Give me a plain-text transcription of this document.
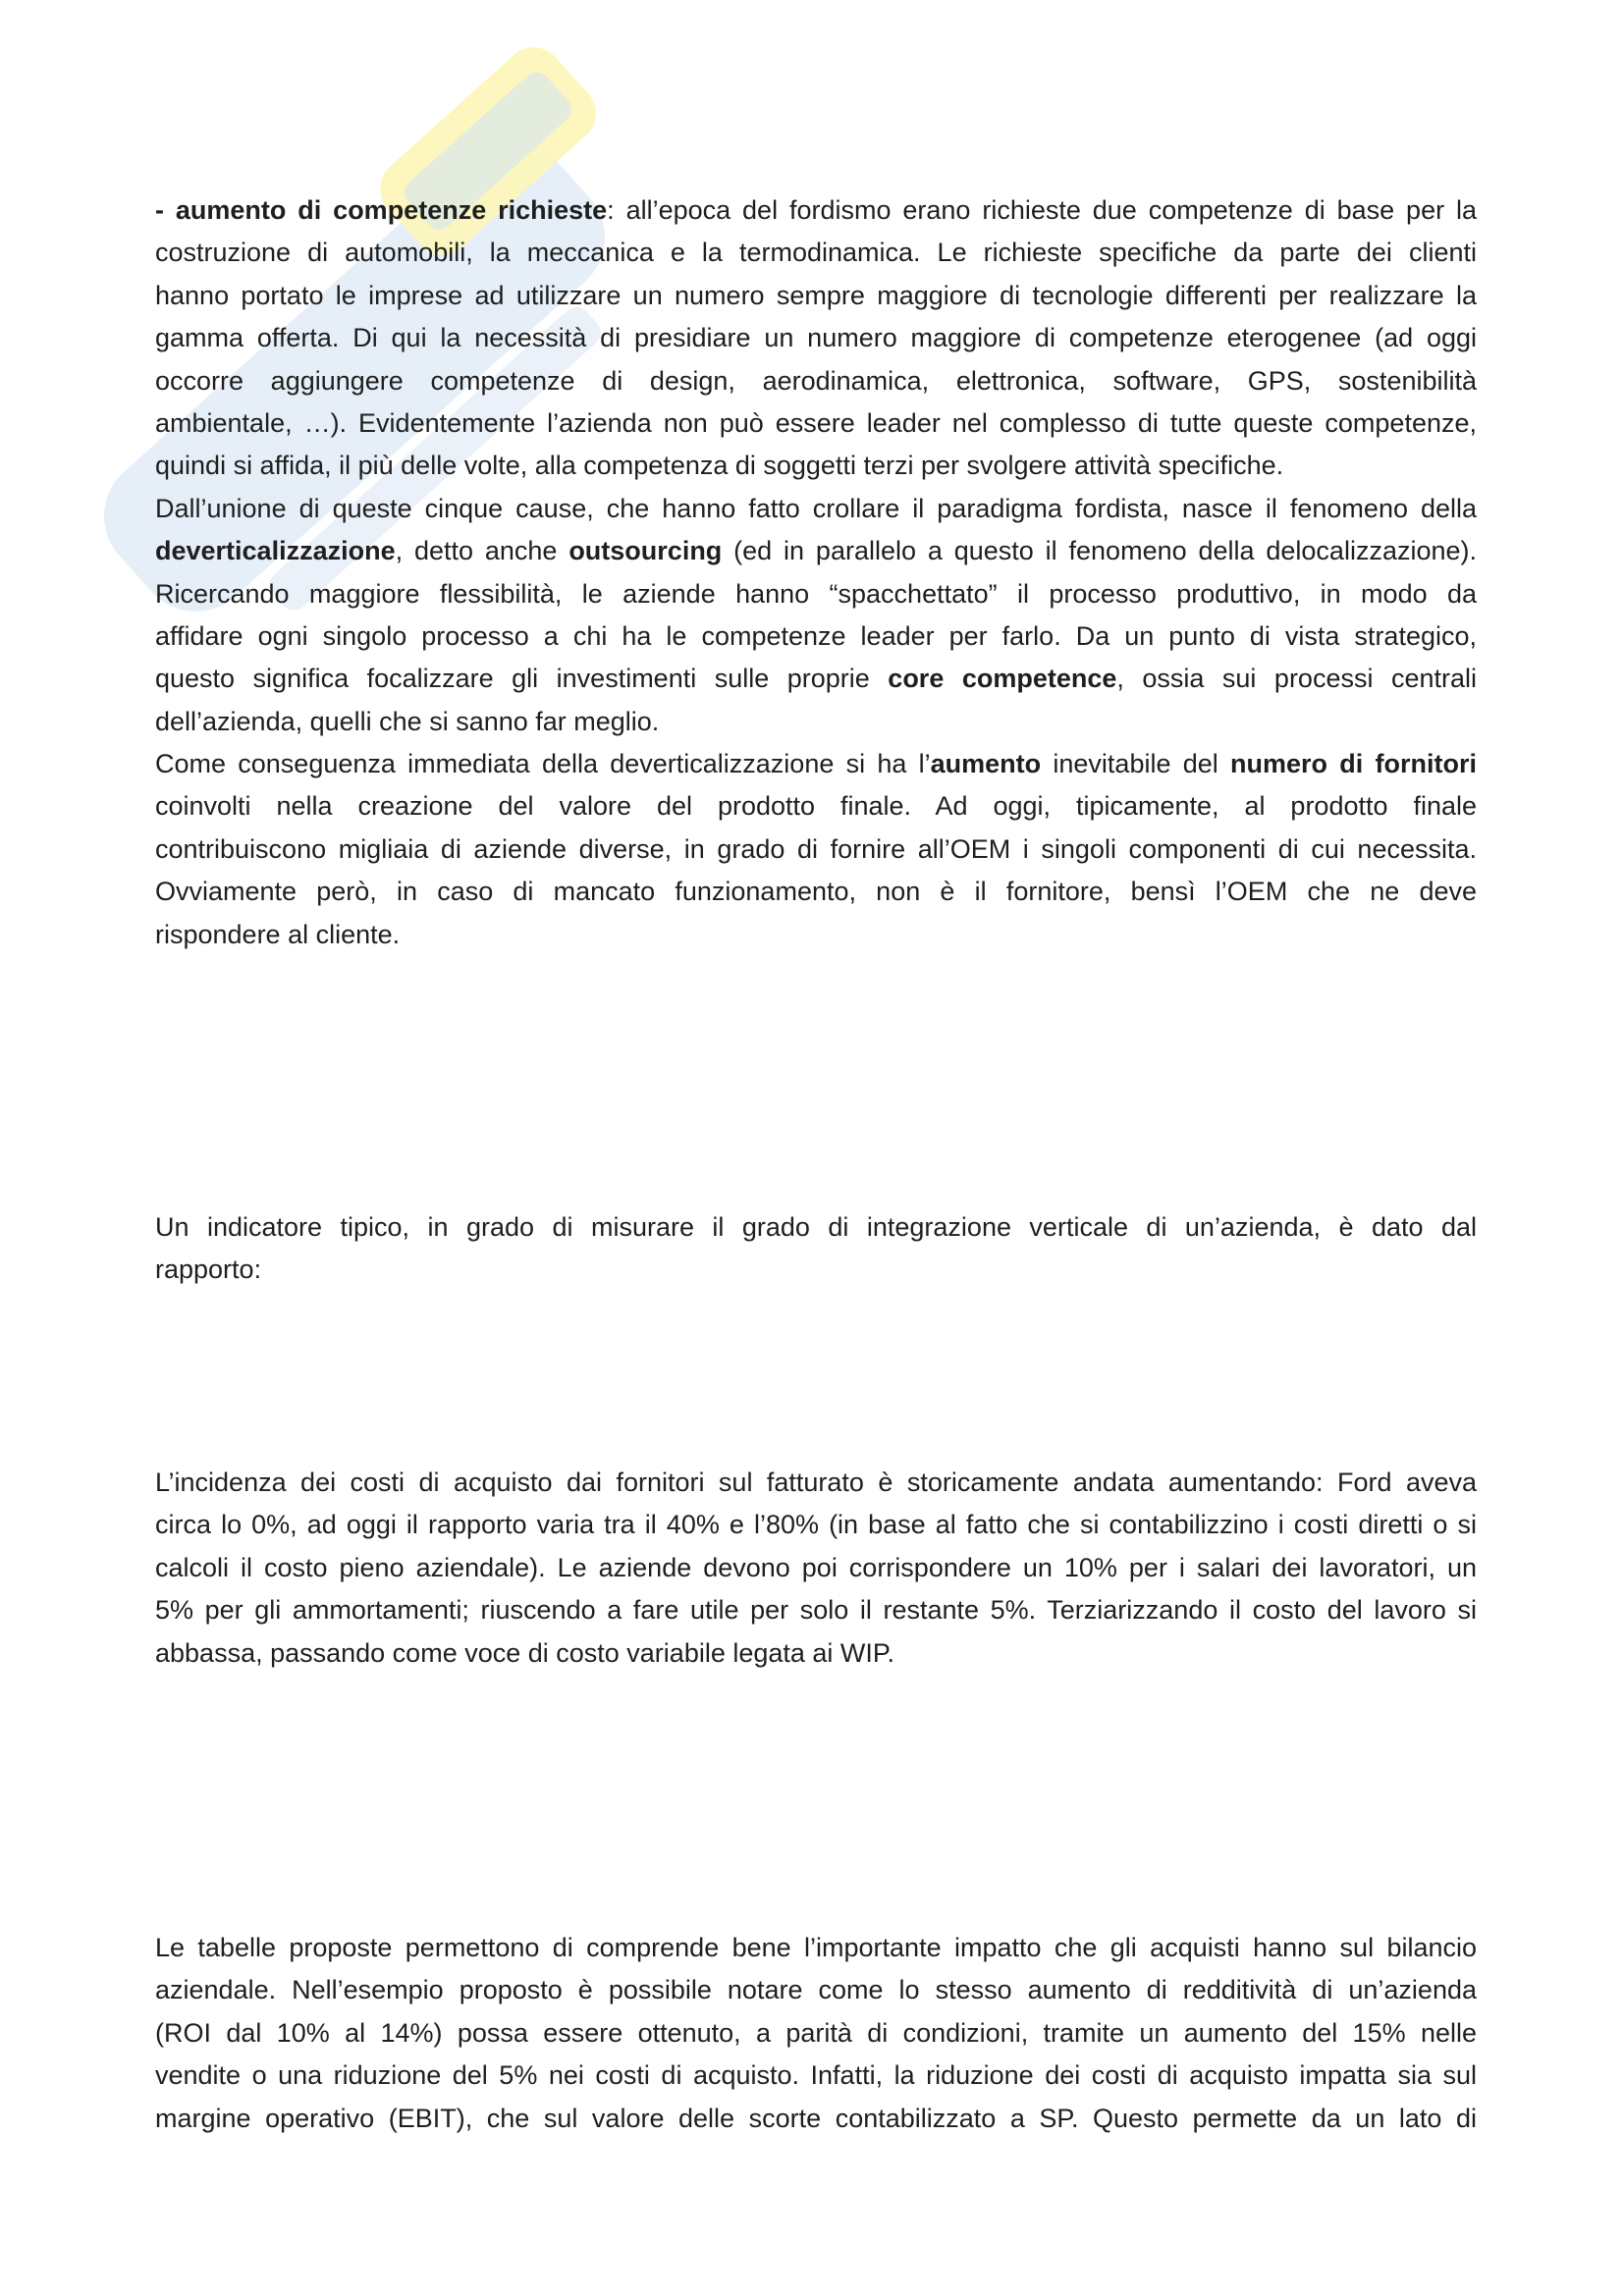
- aumento di competenze richieste: all’epoca del fordismo erano richieste due competenze di base per la
costruzione di automobili, la meccanica e la termodinamica. Le richieste specifiche da parte dei clienti
hanno portato le imprese ad utilizzare un numero sempre maggiore di tecnologie differenti per realizzare la
gamma offerta. Di qui la necessità di presidiare un numero maggiore di competenze eterogenee (ad oggi
occorre aggiungere competenze di design, aerodinamica, elettronica, software, GPS, sostenibilità
ambientale, …). Evidentemente l’azienda non può essere leader nel complesso di tutte queste competenze,
quindi si affida, il più delle volte, alla competenza di soggetti terzi per svolgere attività specifiche.
Dall’unione di queste cinque cause, che hanno fatto crollare il paradigma fordista, nasce il fenomeno della
deverticalizzazione, detto anche outsourcing (ed in parallelo a questo il fenomeno della delocalizzazione).
Ricercando maggiore flessibilità, le aziende hanno “spacchettato” il processo produttivo, in modo da
affidare ogni singolo processo a chi ha le competenze leader per farlo. Da un punto di vista strategico,
questo significa focalizzare gli investimenti sulle proprie core competence, ossia sui processi centrali
dell’azienda, quelli che si sanno far meglio.
Come conseguenza immediata della deverticalizzazione si ha l’aumento inevitabile del numero di fornitori
coinvolti nella creazione del valore del prodotto finale. Ad oggi, tipicamente, al prodotto finale
contribuiscono migliaia di aziende diverse, in grado di fornire all’OEM i singoli componenti di cui necessita.
Ovviamente però, in caso di mancato funzionamento, non è il fornitore, bensì l’OEM che ne deve
rispondere al cliente.
Un indicatore tipico, in grado di misurare il grado di integrazione verticale di un’azienda, è dato dal
rapporto:
L’incidenza dei costi di acquisto dai fornitori sul fatturato è storicamente andata aumentando: Ford aveva
circa lo 0%, ad oggi il rapporto varia tra il 40% e l’80% (in base al fatto che si contabilizzino i costi diretti o si
calcoli il costo pieno aziendale). Le aziende devono poi corrispondere un 10% per i salari dei lavoratori, un
5% per gli ammortamenti; riuscendo a fare utile per solo il restante 5%. Terziarizzando il costo del lavoro si
abbassa, passando come voce di costo variabile legata ai WIP.
Le tabelle proposte permettono di comprende bene l’importante impatto che gli acquisti hanno sul bilancio
aziendale. Nell’esempio proposto è possibile notare come lo stesso aumento di redditività di un’azienda
(ROI dal 10% al 14%) possa essere ottenuto, a parità di condizioni, tramite un aumento del 15% nelle
vendite o una riduzione del 5% nei costi di acquisto. Infatti, la riduzione dei costi di acquisto impatta sia sul
margine operativo (EBIT), che sul valore delle scorte contabilizzato a SP. Questo permette da un lato di
